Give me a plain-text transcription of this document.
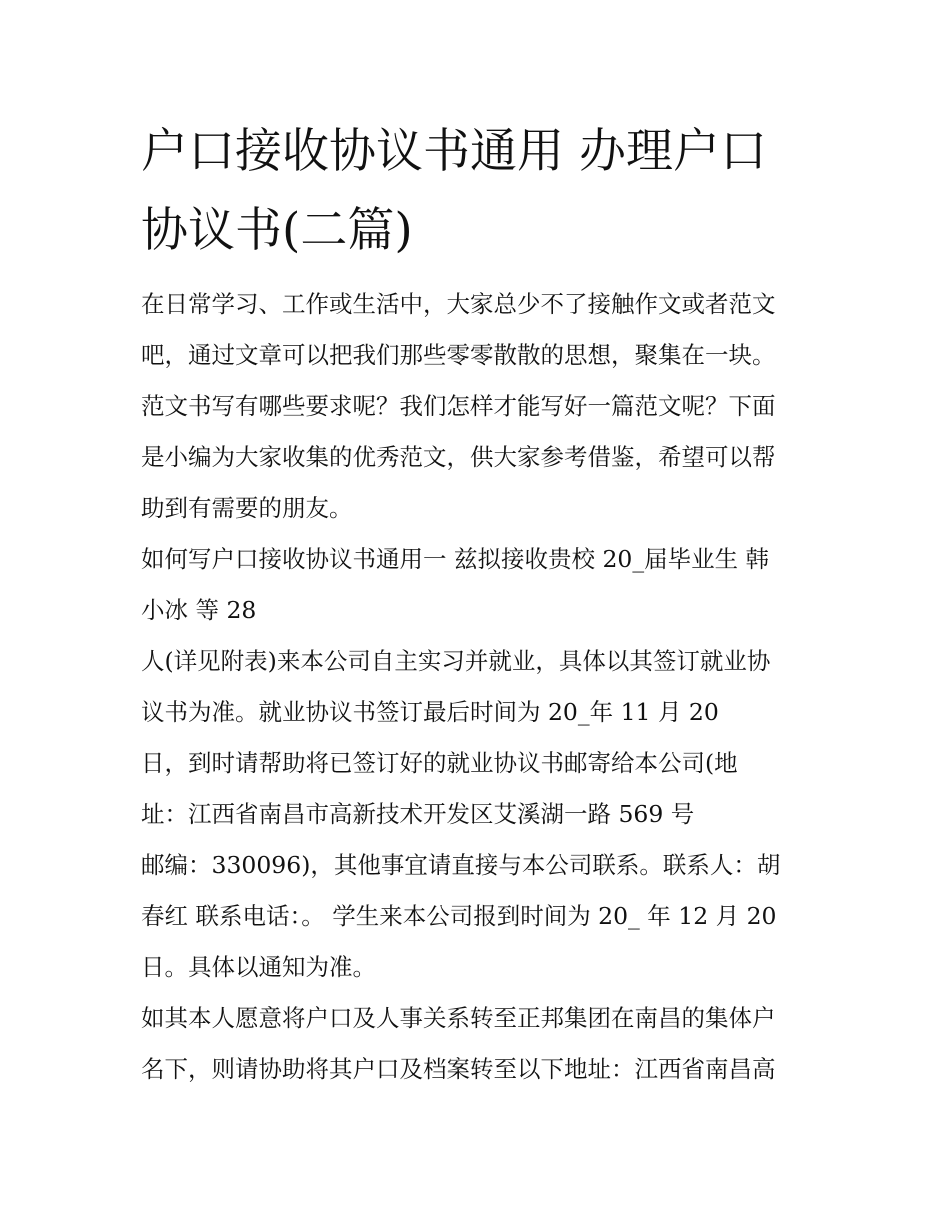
户口接收协议书通用 办理户口
协议书(二篇)
在日常学习、工作或生活中，大家总少不了接触作文或者范文
吧，通过文章可以把我们那些零零散散的思想，聚集在一块。
范文书写有哪些要求呢？我们怎样才能写好一篇范文呢？下面
是小编为大家收集的优秀范文，供大家参考借鉴，希望可以帮
助到有需要的朋友。
如何写户口接收协议书通用一 兹拟接收贵校 20_届毕业生 韩
小冰 等 28
人(详见附表)来本公司自主实习并就业，具体以其签订就业协
议书为准。就业协议书签订最后时间为 20_年 11 月 20
日，到时请帮助将已签订好的就业协议书邮寄给本公司(地
址：江西省南昌市高新技术开发区艾溪湖一路 569 号
邮编：330096)，其他事宜请直接与本公司联系。联系人：胡
春红 联系电话：。 学生来本公司报到时间为 20_ 年 12 月 20
日。具体以通知为准。
如其本人愿意将户口及人事关系转至正邦集团在南昌的集体户
名下，则请协助将其户口及档案转至以下地址：江西省南昌高
